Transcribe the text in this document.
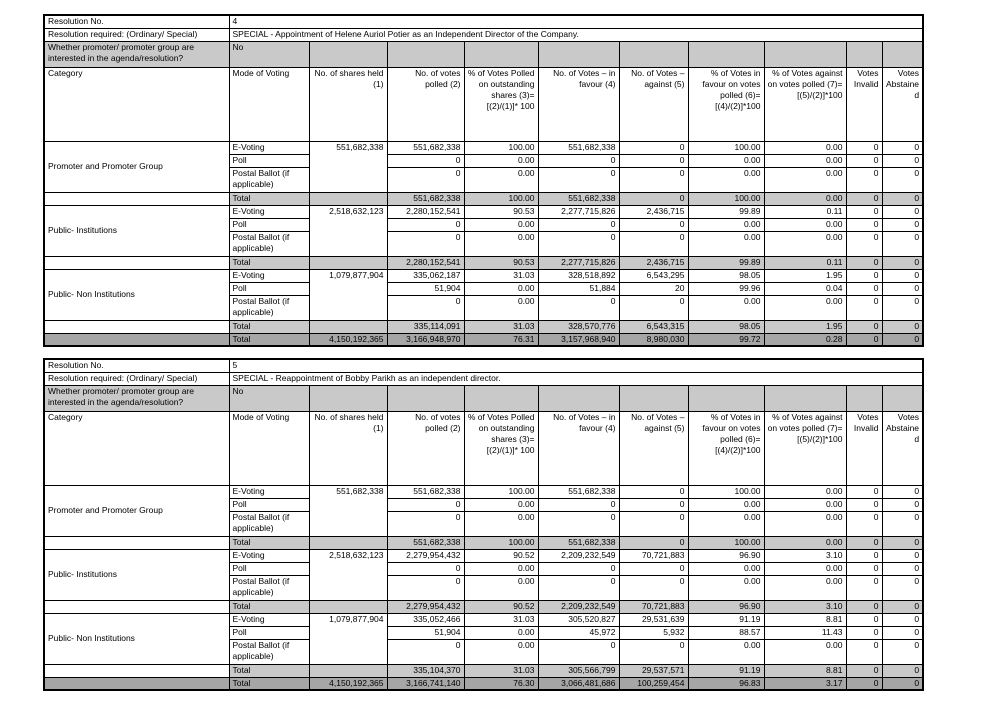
Resolution No.	4									
Resolution required: (Ordinary/ Special)	SPECIAL - Appointment of Helene Auriol Potier as an Independent Director of the Company.									
Whether promoter/ promoter group are interested in the agenda/resolution?	No									
Category	Mode of Voting	No. of shares held (1)	No. of votes polled (2)	% of Votes Polled on outstanding shares (3)=[(2)/(1)]* 100	No. of Votes – in favour (4)	No. of Votes – against (5)	% of Votes in favour on votes polled (6)=[(4)/(2)]*100	% of Votes against on votes polled (7)=[(5)/(2)]*100	Votes Invalid	Votes Abstained
Promoter and Promoter Group	E-Voting	551,682,338	551,682,338	100.00	551,682,338	0	100.00	0.00	0	0
	Poll		0	0.00	0	0	0.00	0.00	0	0
	Postal Ballot (if applicable)		0	0.00	0	0	0.00	0.00	0	0
	Total		551,682,338	100.00	551,682,338	0	100.00	0.00	0	0
Public- Institutions	E-Voting	2,518,632,123	2,280,152,541	90.53	2,277,715,826	2,436,715	99.89	0.11	0	0
	Poll		0	0.00	0	0	0.00	0.00	0	0
	Postal Ballot (if applicable)		0	0.00	0	0	0.00	0.00	0	0
	Total		2,280,152,541	90.53	2,277,715,826	2,436,715	99.89	0.11	0	0
Public- Non Institutions	E-Voting	1,079,877,904	335,062,187	31.03	328,518,892	6,543,295	98.05	1.95	0	0
	Poll		51,904	0.00	51,884	20	99.96	0.04	0	0
	Postal Ballot (if applicable)		0	0.00	0	0	0.00	0.00	0	0
	Total		335,114,091	31.03	328,570,776	6,543,315	98.05	1.95	0	0
	Total	4,150,192,365	3,166,948,970	76.31	3,157,968,940	8,980,030	99.72	0.28	0	0
Resolution No.	5									
Resolution required: (Ordinary/ Special)	SPECIAL - Reappointment of Bobby Parikh as an independent director.									
Whether promoter/ promoter group are interested in the agenda/resolution?	No									
Category	Mode of Voting	No. of shares held (1)	No. of votes polled (2)	% of Votes Polled on outstanding shares (3)=[(2)/(1)]* 100	No. of Votes – in favour (4)	No. of Votes – against (5)	% of Votes in favour on votes polled (6)=[(4)/(2)]*100	% of Votes against on votes polled (7)=[(5)/(2)]*100	Votes Invalid	Votes Abstained
Promoter and Promoter Group	E-Voting	551,682,338	551,682,338	100.00	551,682,338	0	100.00	0.00	0	0
	Poll		0	0.00	0	0	0.00	0.00	0	0
	Postal Ballot (if applicable)		0	0.00	0	0	0.00	0.00	0	0
	Total		551,682,338	100.00	551,682,338	0	100.00	0.00	0	0
Public- Institutions	E-Voting	2,518,632,123	2,279,954,432	90.52	2,209,232,549	70,721,883	96.90	3.10	0	0
	Poll		0	0.00	0	0	0.00	0.00	0	0
	Postal Ballot (if applicable)		0	0.00	0	0	0.00	0.00	0	0
	Total		2,279,954,432	90.52	2,209,232,549	70,721,883	96.90	3.10	0	0
Public- Non Institutions	E-Voting	1,079,877,904	335,052,466	31.03	305,520,827	29,531,639	91.19	8.81	0	0
	Poll		51,904	0.00	45,972	5,932	88.57	11.43	0	0
	Postal Ballot (if applicable)		0	0.00	0	0	0.00	0.00	0	0
	Total		335,104,370	31.03	305,566,799	29,537,571	91.19	8.81	0	0
	Total	4,150,192,365	3,166,741,140	76.30	3,066,481,686	100,259,454	96.83	3.17	0	0
